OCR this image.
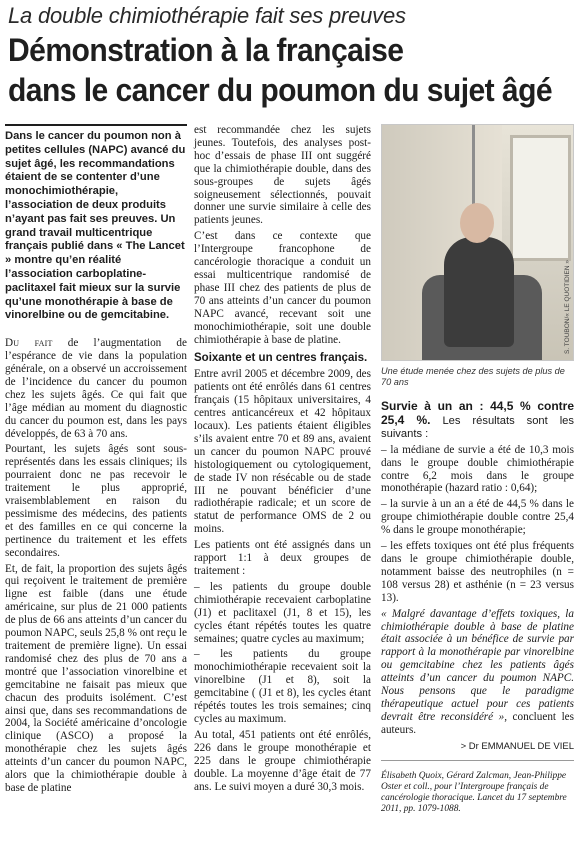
La double chimiothérapie fait ses preuves
Démonstration à la française
dans le cancer du poumon du sujet âgé
Dans le cancer du poumon non à petites cellules (NAPC) avancé du sujet âgé, les recommandations étaient de se contenter d’une monochimiothérapie, l’association de deux produits n’ayant pas fait ses preuves. Un grand travail multicentrique français publié dans « The Lancet » montre qu’en réalité l’association carboplatine-paclitaxel fait mieux sur la survie qu’une monothérapie à base de vinorelbine ou de gemcitabine.

Du fait de l’augmentation de l’espérance de vie dans la population générale, on a observé un accroissement de l’incidence du cancer du poumon chez les sujets âgés. Ce qui fait que l’âge médian au moment du diagnostic du cancer du poumon est, dans les pays développés, de 63 à 70 ans.

Pourtant, les sujets âgés sont sous-représentés dans les essais cliniques; ils pourraient donc ne pas recevoir le traitement le plus approprié, vraisemblablement en raison du pessimisme des médecins, des patients et des familles en ce qui concerne la pertinence du traitement et les effets secondaires.

Et, de fait, la proportion des sujets âgés qui reçoivent le traitement de première ligne est faible (dans une étude américaine, sur plus de 21 000 patients de plus de 66 ans atteints d’un cancer du poumon NAPC, seuls 25,8 % ont reçu le traitement de première ligne). Un essai randomisé chez des plus de 70 ans a montré que l’association vinorelbine et gemcitabine ne faisait pas mieux que chacun des produits isolément. C’est ainsi que, dans ses recommandations de 2004, la Société américaine d’oncologie clinique (ASCO) a proposé la monothérapie chez les sujets âgés atteints d’un cancer du poumon NAPC, alors que la chimiothérapie double à base de platine

est recommandée chez les sujets jeunes. Toutefois, des analyses post-hoc d’essais de phase III ont suggéré que la chimiothérapie double, dans des sous-groupes de sujets âgés soigneusement sélectionnés, pouvait donner une survie similaire à celle des patients jeunes.

C’est dans ce contexte que l’Intergroupe francophone de cancérologie thoracique a conduit un essai multicentrique randomisé de phase III chez des patients de plus de 70 ans atteints d’un cancer du poumon NAPC avancé, recevant soit une monochimiothérapie, soit une double chimiothérapie à base de platine.

Soixante et un centres français.

Entre avril 2005 et décembre 2009, des patients ont été enrôlés dans 61 centres français (15 hôpitaux universitaires, 4 centres anticancéreux et 42 hôpitaux locaux). Les patients étaient éligibles s’ils avaient entre 70 et 89 ans, avaient un cancer du poumon NAPC prouvé histologiquement ou cytologiquement, de stade IV non résécable ou de stade III ne pouvant bénéficier d’une radiothérapie radicale; et un score de statut de performance OMS de 2 ou moins.

Les patients ont été assignés dans un rapport 1:1 à deux groupes de traitement :

– les patients du groupe double chimiothérapie recevaient carboplatine (J1) et paclitaxel (J1, 8 et 15), les cycles étant répétés toutes les quatre semaines; quatre cycles au maximum;

– les patients du groupe monochimiothérapie recevaient soit la vinorelbine (J1 et 8), soit la gemcitabine ( (J1 et 8), les cycles étant répétés toutes les trois semaines; cinq cycles au maximum.

Au total, 451 patients ont été enrôlés, 226 dans le groupe monothérapie et 225 dans le groupe chimiothérapie double. La moyenne d’âge était de 77 ans. Le suivi moyen a duré 30,3 mois.

S. TOUBON/« LE QUOTIDIEN »
Une étude menée chez des sujets de plus de 70 ans

Survie à un an : 44,5 % contre 25,4 %. Les résultats sont les suivants :

– la médiane de survie a été de 10,3 mois dans le groupe double chimiothérapie contre 6,2 mois dans le groupe monothérapie (hazard ratio : 0,64);

– la survie à un an a été de 44,5 % dans le groupe chimiothérapie double contre 25,4 % dans le groupe monothérapie;

– les effets toxiques ont été plus fréquents dans le groupe chimiothérapie double, notamment baisse des neutrophiles (n = 108 versus 28) et asthénie (n = 23 versus 13).

« Malgré davantage d’effets toxiques, la chimiothérapie double à base de platine était associée à un bénéfice de survie par rapport à la monothérapie par vinorelbine ou gemcitabine chez les patients âgés atteints d’un cancer du poumon NAPC. Nous pensons que le paradigme thérapeutique actuel pour ces patients devrait être reconsidéré », concluent les auteurs.

> Dr EMMANUEL DE VIEL
Élisabeth Quoix, Gérard Zalcman, Jean-Philippe Oster et coll., pour l’Intergroupe français de cancérologie thoracique. Lancet du 17 septembre 2011, pp. 1079-1088.
